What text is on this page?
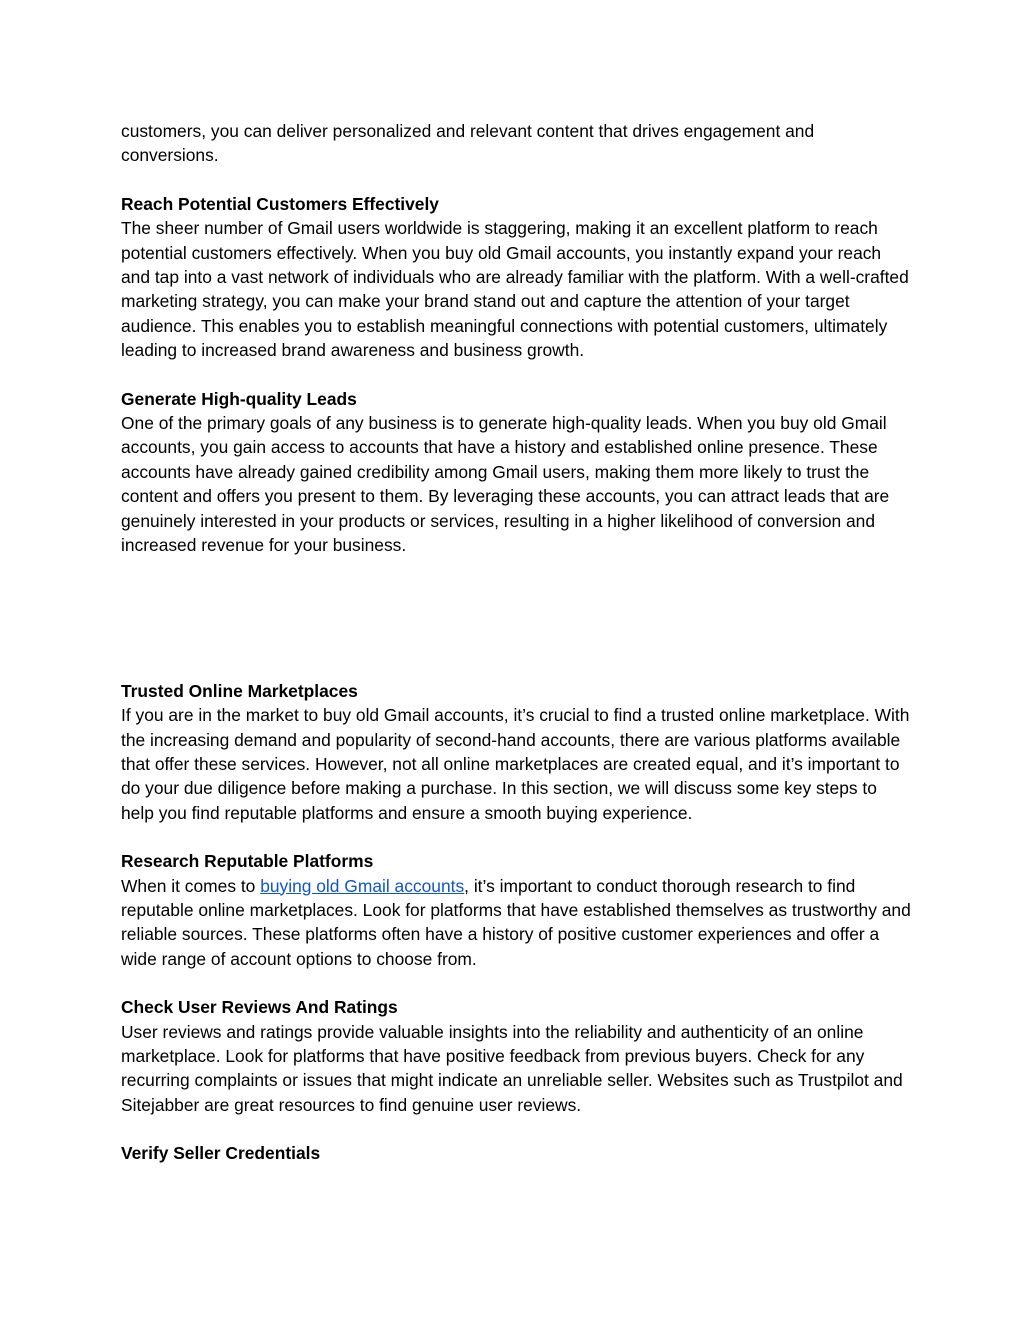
customers, you can deliver personalized and relevant content that drives engagement and conversions.

Reach Potential Customers Effectively
The sheer number of Gmail users worldwide is staggering, making it an excellent platform to reach potential customers effectively. When you buy old Gmail accounts, you instantly expand your reach and tap into a vast network of individuals who are already familiar with the platform. With a well-crafted marketing strategy, you can make your brand stand out and capture the attention of your target audience. This enables you to establish meaningful connections with potential customers, ultimately leading to increased brand awareness and business growth.
Generate High-quality Leads
One of the primary goals of any business is to generate high-quality leads. When you buy old Gmail accounts, you gain access to accounts that have a history and established online presence. These accounts have already gained credibility among Gmail users, making them more likely to trust the content and offers you present to them. By leveraging these accounts, you can attract leads that are genuinely interested in your products or services, resulting in a higher likelihood of conversion and increased revenue for your business.
Trusted Online Marketplaces
If you are in the market to buy old Gmail accounts, it’s crucial to find a trusted online marketplace. With the increasing demand and popularity of second-hand accounts, there are various platforms available that offer these services. However, not all online marketplaces are created equal, and it’s important to do your due diligence before making a purchase. In this section, we will discuss some key steps to help you find reputable platforms and ensure a smooth buying experience.
Research Reputable Platforms
When it comes to buying old Gmail accounts, it’s important to conduct thorough research to find reputable online marketplaces. Look for platforms that have established themselves as trustworthy and reliable sources. These platforms often have a history of positive customer experiences and offer a wide range of account options to choose from.
Check User Reviews And Ratings
User reviews and ratings provide valuable insights into the reliability and authenticity of an online marketplace. Look for platforms that have positive feedback from previous buyers. Check for any recurring complaints or issues that might indicate an unreliable seller. Websites such as Trustpilot and Sitejabber are great resources to find genuine user reviews.
Verify Seller Credentials
